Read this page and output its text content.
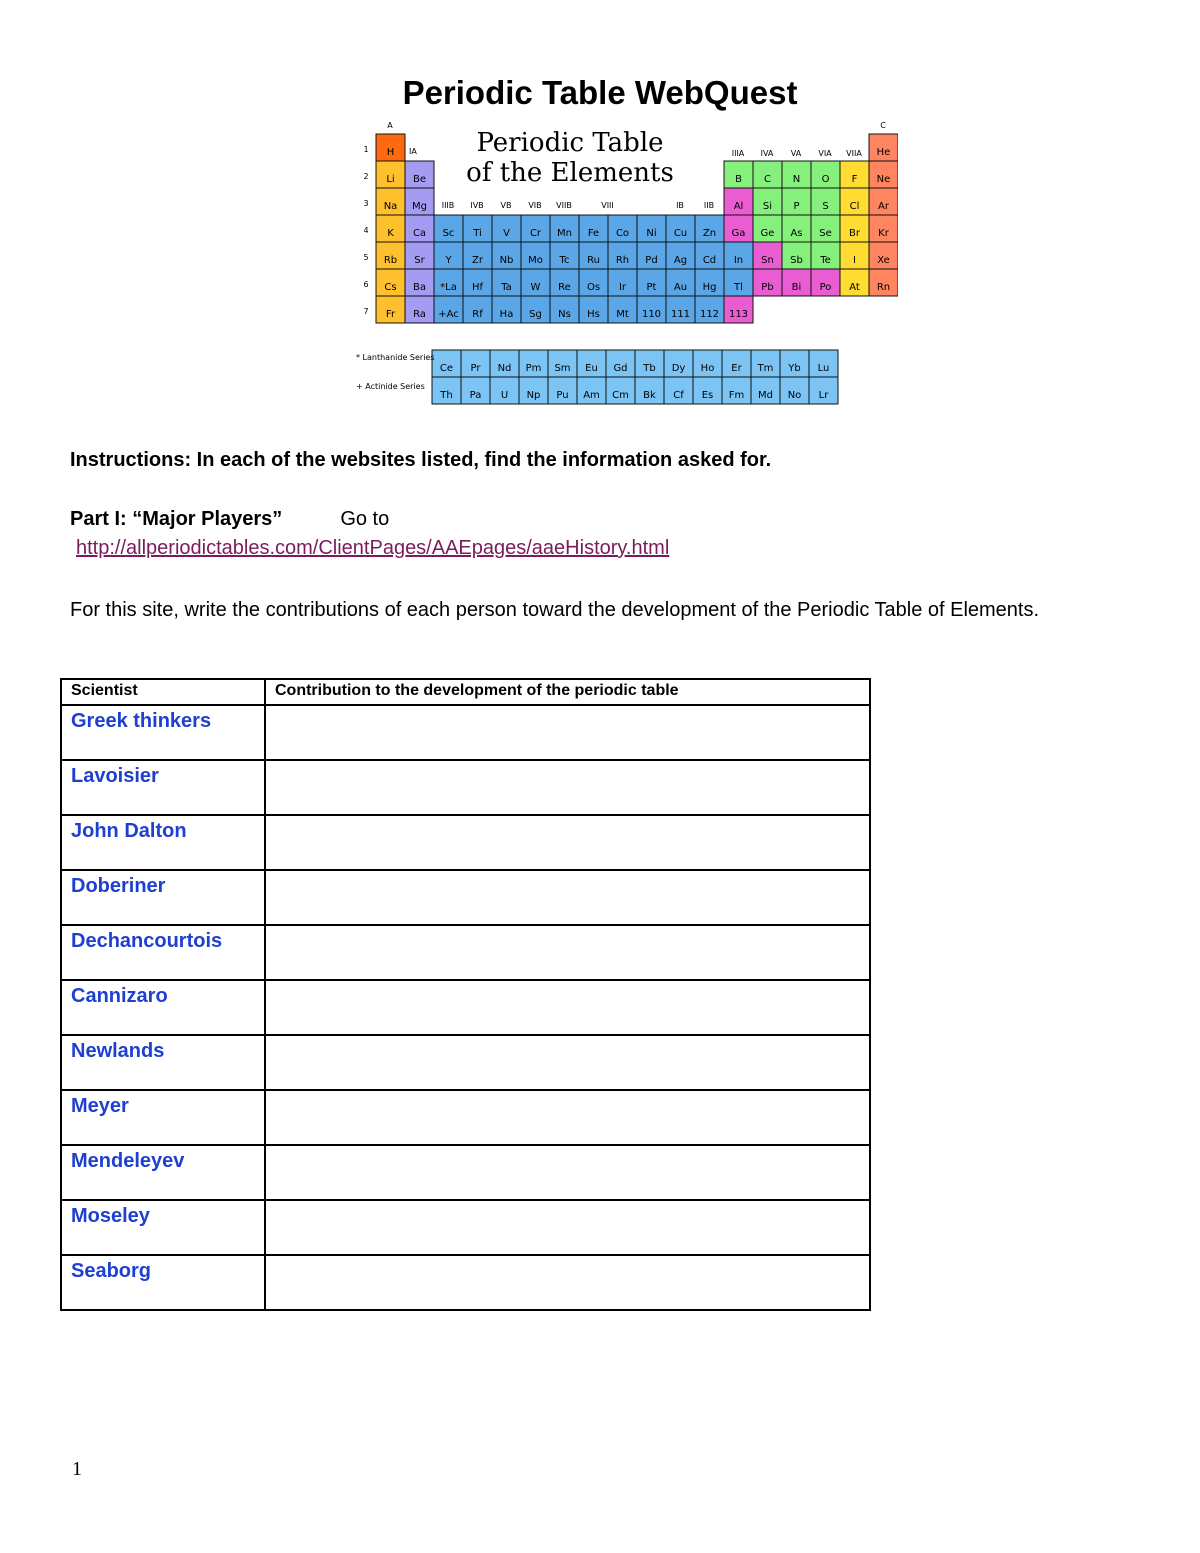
Periodic Table WebQuest
H	He
Li Be	B C N O F Ne
Na Mg	Al Si P S Cl Ar
K Ca Sc Ti V Cr Mn Fe Co Ni Cu Zn Ga Ge As Se Br Kr
Rb Sr Y Zr Nb Mo Tc Ru Rh Pd Ag Cd In Sn Sb Te I Xe
Cs Ba *La Hf Ta W Re Os Ir Pt Au Hg Tl Pb Bi Po At Rn
Fr Ra +Ac Rf Ha Sg Ns Hs Mt 110 111 112 113
1
2
3
4
5
6
7
A	C
IA	IIIA IVA VA VIA VIIA
IIIB IVB VB VIB VIIB	VIII	IB IIB
Periodic Table
of the Elements
Ce Pr Nd Pm Sm Eu Gd Tb Dy Ho Er Tm Yb Lu
Th Pa U Np Pu Am Cm Bk Cf Es Fm Md No Lr
* Lanthanide Series
+ Actinide Series
Instructions: In each of the websites listed, find the information asked for.
Part I: “Major Players”	Go to
http://allperiodictables.com/ClientPages/AAEpages/aaeHistory.html
For this site, write the contributions of each person toward the development of the Periodic Table of Elements.
Scientist	Contribution to the development of the periodic table
Greek thinkers	
Lavoisier	
John Dalton	
Doberiner	
Dechancourtois	
Cannizaro	
Newlands	
Meyer	
Mendeleyev	
Moseley	
Seaborg	
1
